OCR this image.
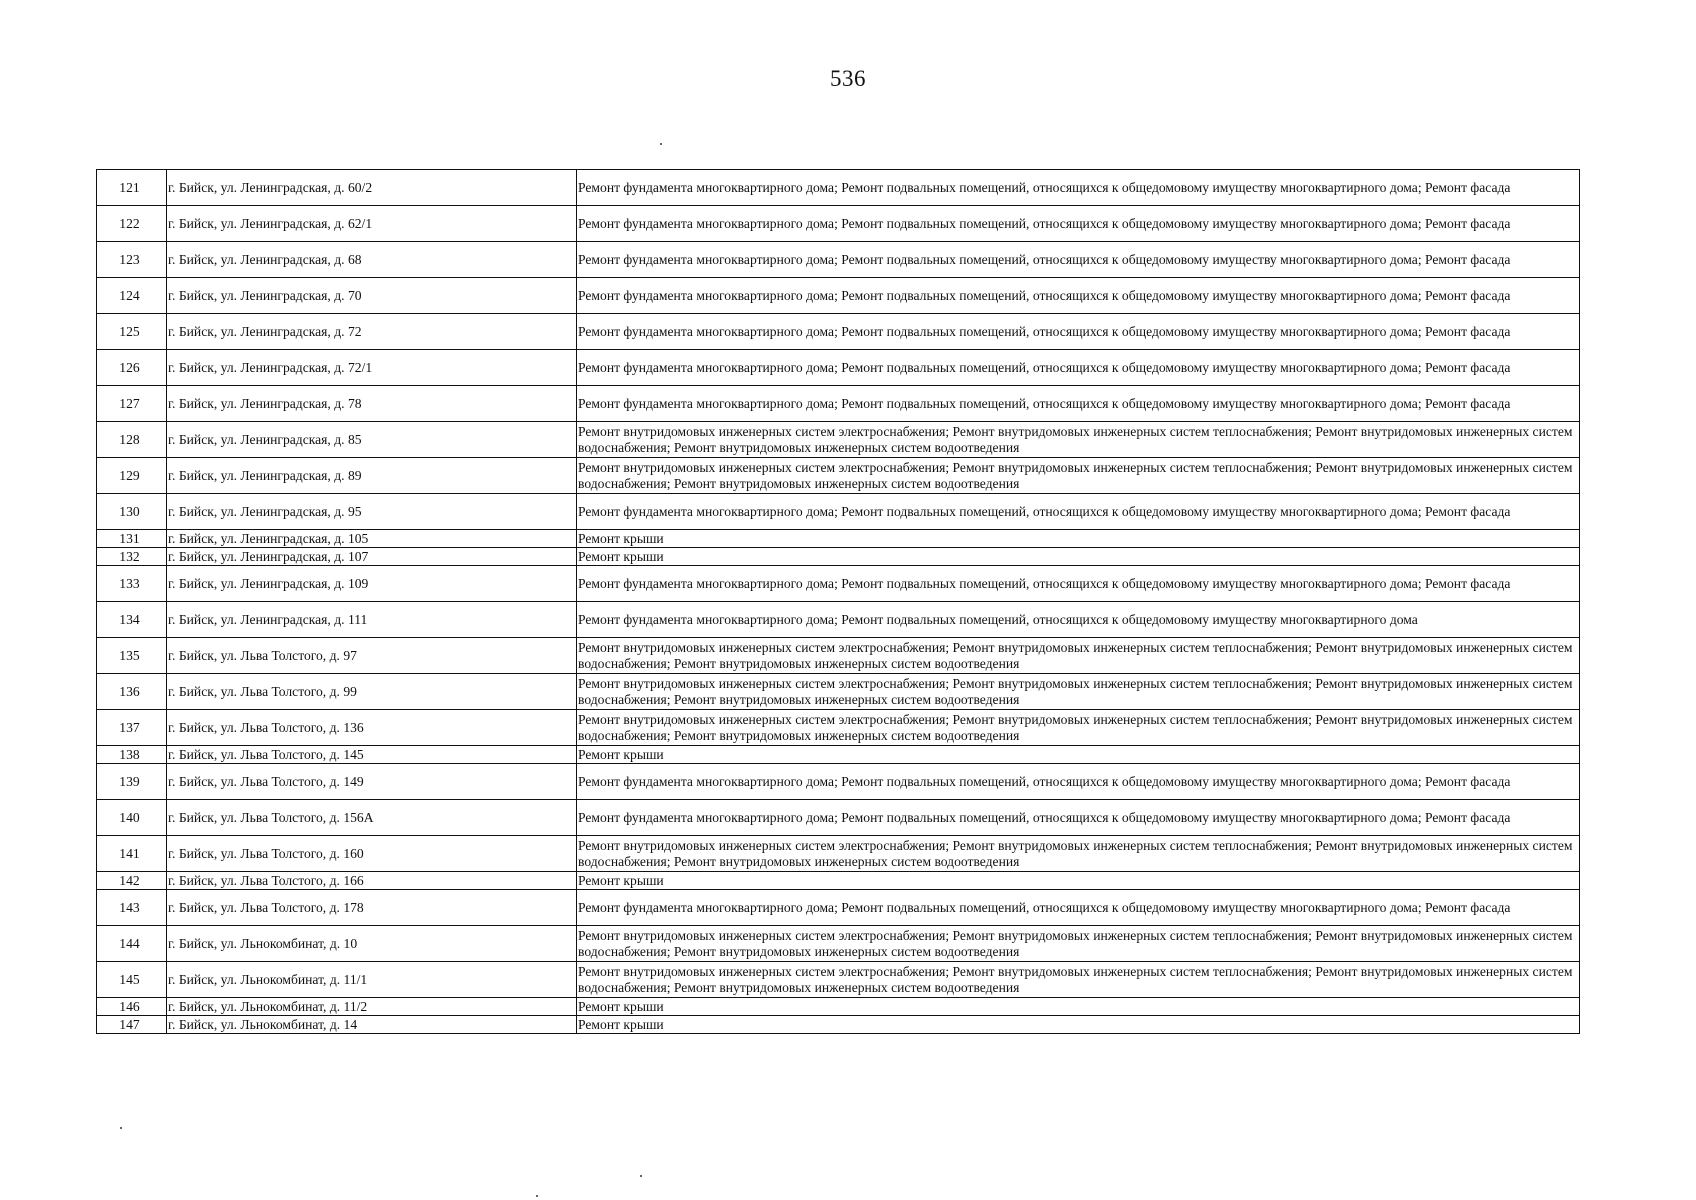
536
121	г. Бийск, ул. Ленинградская, д. 60/2	Ремонт фундамента многоквартирного дома; Ремонт подвальных помещений, относящихся к общедомовому имуществу многоквартирного дома; Ремонт фасада
122	г. Бийск, ул. Ленинградская, д. 62/1	Ремонт фундамента многоквартирного дома; Ремонт подвальных помещений, относящихся к общедомовому имуществу многоквартирного дома; Ремонт фасада
123	г. Бийск, ул. Ленинградская, д. 68	Ремонт фундамента многоквартирного дома; Ремонт подвальных помещений, относящихся к общедомовому имуществу многоквартирного дома; Ремонт фасада
124	г. Бийск, ул. Ленинградская, д. 70	Ремонт фундамента многоквартирного дома; Ремонт подвальных помещений, относящихся к общедомовому имуществу многоквартирного дома; Ремонт фасада
125	г. Бийск, ул. Ленинградская, д. 72	Ремонт фундамента многоквартирного дома; Ремонт подвальных помещений, относящихся к общедомовому имуществу многоквартирного дома; Ремонт фасада
126	г. Бийск, ул. Ленинградская, д. 72/1	Ремонт фундамента многоквартирного дома; Ремонт подвальных помещений, относящихся к общедомовому имуществу многоквартирного дома; Ремонт фасада
127	г. Бийск, ул. Ленинградская, д. 78	Ремонт фундамента многоквартирного дома; Ремонт подвальных помещений, относящихся к общедомовому имуществу многоквартирного дома; Ремонт фасада
128	г. Бийск, ул. Ленинградская, д. 85	Ремонт внутридомовых инженерных систем электроснабжения; Ремонт внутридомовых инженерных систем теплоснабжения; Ремонт внутридомовых инженерных систем водоснабжения; Ремонт внутридомовых инженерных систем водоотведения
129	г. Бийск, ул. Ленинградская, д. 89	Ремонт внутридомовых инженерных систем электроснабжения; Ремонт внутридомовых инженерных систем теплоснабжения; Ремонт внутридомовых инженерных систем водоснабжения; Ремонт внутридомовых инженерных систем водоотведения
130	г. Бийск, ул. Ленинградская, д. 95	Ремонт фундамента многоквартирного дома; Ремонт подвальных помещений, относящихся к общедомовому имуществу многоквартирного дома; Ремонт фасада
131	г. Бийск, ул. Ленинградская, д. 105	Ремонт крыши
132	г. Бийск, ул. Ленинградская, д. 107	Ремонт крыши
133	г. Бийск, ул. Ленинградская, д. 109	Ремонт фундамента многоквартирного дома; Ремонт подвальных помещений, относящихся к общедомовому имуществу многоквартирного дома; Ремонт фасада
134	г. Бийск, ул. Ленинградская, д. 111	Ремонт фундамента многоквартирного дома; Ремонт подвальных помещений, относящихся к общедомовому имуществу многоквартирного дома
135	г. Бийск, ул. Льва Толстого, д. 97	Ремонт внутридомовых инженерных систем электроснабжения; Ремонт внутридомовых инженерных систем теплоснабжения; Ремонт внутридомовых инженерных систем водоснабжения; Ремонт внутридомовых инженерных систем водоотведения
136	г. Бийск, ул. Льва Толстого, д. 99	Ремонт внутридомовых инженерных систем электроснабжения; Ремонт внутридомовых инженерных систем теплоснабжения; Ремонт внутридомовых инженерных систем водоснабжения; Ремонт внутридомовых инженерных систем водоотведения
137	г. Бийск, ул. Льва Толстого, д. 136	Ремонт внутридомовых инженерных систем электроснабжения; Ремонт внутридомовых инженерных систем теплоснабжения; Ремонт внутридомовых инженерных систем водоснабжения; Ремонт внутридомовых инженерных систем водоотведения
138	г. Бийск, ул. Льва Толстого, д. 145	Ремонт крыши
139	г. Бийск, ул. Льва Толстого, д. 149	Ремонт фундамента многоквартирного дома; Ремонт подвальных помещений, относящихся к общедомовому имуществу многоквартирного дома; Ремонт фасада
140	г. Бийск, ул. Льва Толстого, д. 156А	Ремонт фундамента многоквартирного дома; Ремонт подвальных помещений, относящихся к общедомовому имуществу многоквартирного дома; Ремонт фасада
141	г. Бийск, ул. Льва Толстого, д. 160	Ремонт внутридомовых инженерных систем электроснабжения; Ремонт внутридомовых инженерных систем теплоснабжения; Ремонт внутридомовых инженерных систем водоснабжения; Ремонт внутридомовых инженерных систем водоотведения
142	г. Бийск, ул. Льва Толстого, д. 166	Ремонт крыши
143	г. Бийск, ул. Льва Толстого, д. 178	Ремонт фундамента многоквартирного дома; Ремонт подвальных помещений, относящихся к общедомовому имуществу многоквартирного дома; Ремонт фасада
144	г. Бийск, ул. Льнокомбинат, д. 10	Ремонт внутридомовых инженерных систем электроснабжения; Ремонт внутридомовых инженерных систем теплоснабжения; Ремонт внутридомовых инженерных систем водоснабжения; Ремонт внутридомовых инженерных систем водоотведения
145	г. Бийск, ул. Льнокомбинат, д. 11/1	Ремонт внутридомовых инженерных систем электроснабжения; Ремонт внутридомовых инженерных систем теплоснабжения; Ремонт внутридомовых инженерных систем водоснабжения; Ремонт внутридомовых инженерных систем водоотведения
146	г. Бийск, ул. Льнокомбинат, д. 11/2	Ремонт крыши
147	г. Бийск, ул. Льнокомбинат, д. 14	Ремонт крыши
